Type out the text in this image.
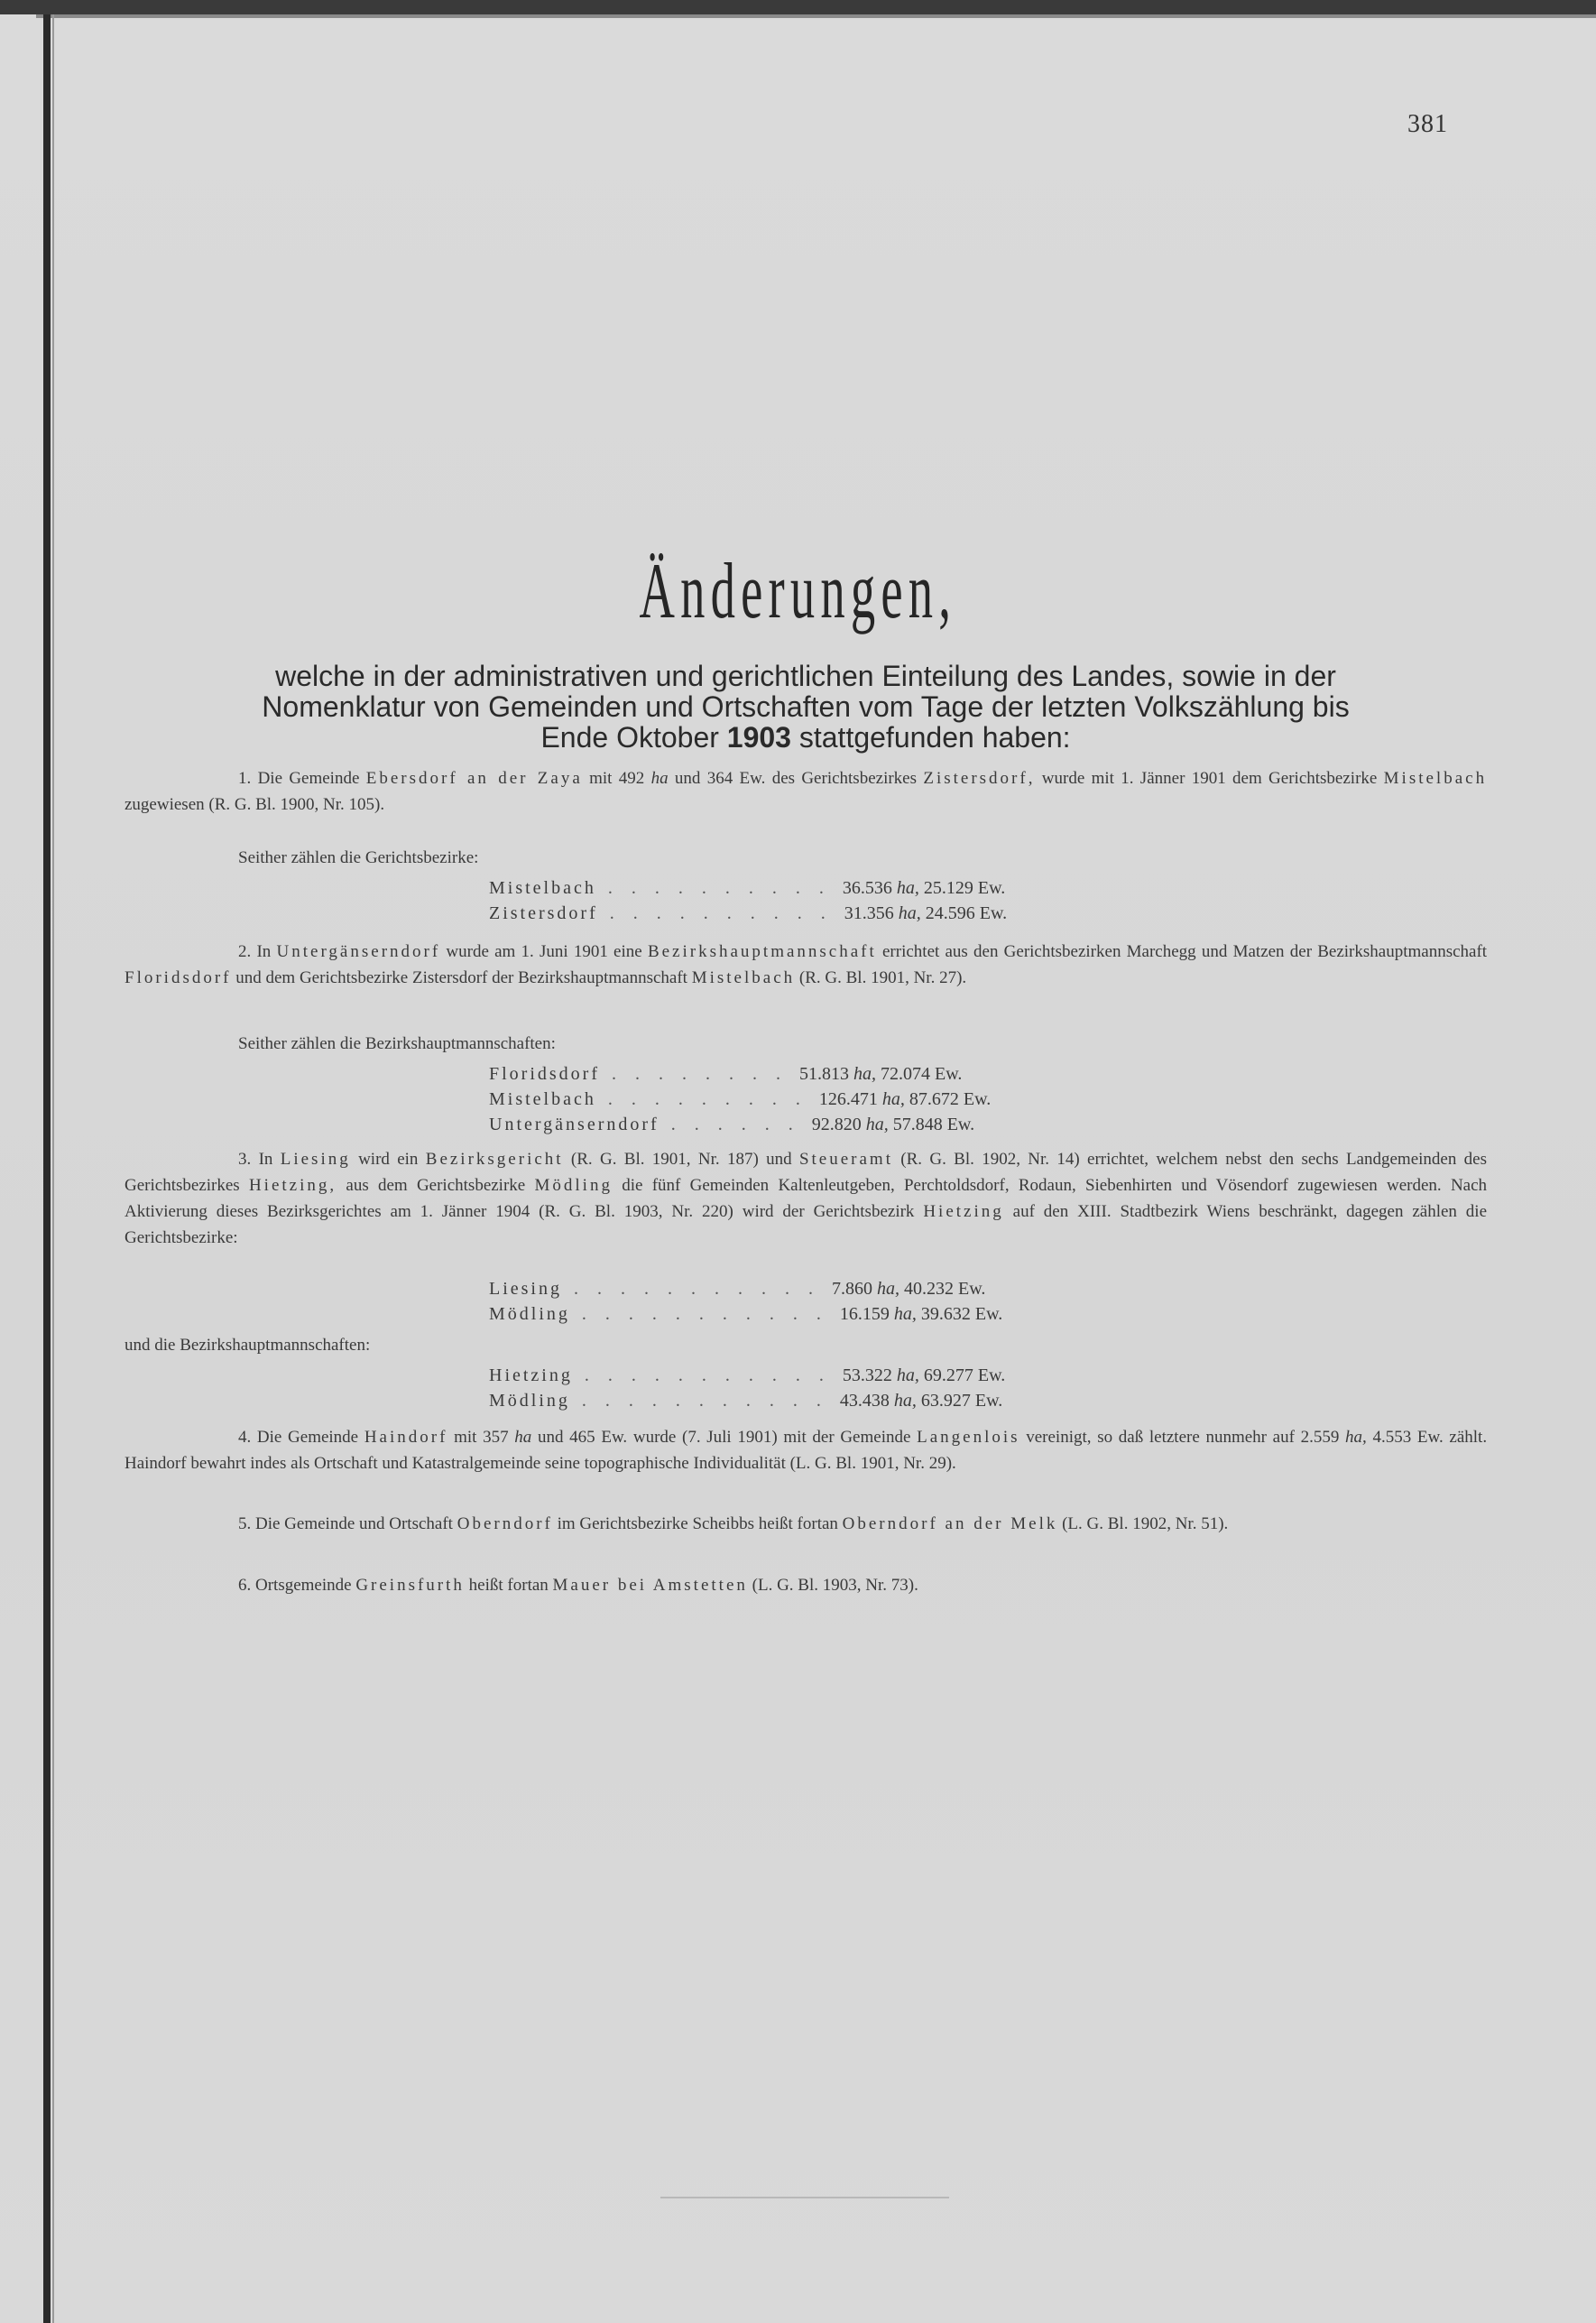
381
Änderungen,
welche in der administrativen und gerichtlichen Einteilung des Landes, sowie in der
Nomenklatur von Gemeinden und Ortschaften vom Tage der letzten Volkszählung bis
Ende Oktober 1903 stattgefunden haben:

1. Die Gemeinde Ebersdorf an der Zaya mit 492 ha und 364 Ew. des Gerichtsbezirkes Zistersdorf, wurde mit 1. Jänner 1901 dem Gerichtsbezirke Mistelbach zugewiesen (R. G. Bl. 1900, Nr. 105).

Seither zählen die Gerichtsbezirke:

Mistelbach . . . . . . . . . . 36.536 ha, 25.129 Ew.
Zistersdorf . . . . . . . . . . 31.356 ha, 24.596 Ew.

2. In Untergänserndorf wurde am 1. Juni 1901 eine Bezirkshauptmannschaft errichtet aus den Gerichtsbezirken Marchegg und Matzen der Bezirkshauptmannschaft Floridsdorf und dem Gerichtsbezirke Zistersdorf der Bezirkshauptmannschaft Mistelbach (R. G. Bl. 1901, Nr. 27).

Seither zählen die Bezirkshauptmannschaften:

Floridsdorf . . . . . . . . 51.813 ha, 72.074 Ew.
Mistelbach . . . . . . . . . 126.471 ha, 87.672 Ew.
Untergänserndorf . . . . . . 92.820 ha, 57.848 Ew.

3. In Liesing wird ein Bezirksgericht (R. G. Bl. 1901, Nr. 187) und Steueramt (R. G. Bl. 1902, Nr. 14) errichtet, welchem nebst den sechs Landgemeinden des Gerichtsbezirkes Hietzing, aus dem Gerichtsbezirke Mödling die fünf Gemeinden Kaltenleutgeben, Perchtoldsdorf, Rodaun, Siebenhirten und Vösendorf zugewiesen werden. Nach Aktivierung dieses Bezirksgerichtes am 1. Jänner 1904 (R. G. Bl. 1903, Nr. 220) wird der Gerichtsbezirk Hietzing auf den XIII. Stadtbezirk Wiens beschränkt, dagegen zählen die Gerichtsbezirke:

Liesing . . . . . . . . . . . 7.860 ha, 40.232 Ew.
Mödling . . . . . . . . . . . 16.159 ha, 39.632 Ew.

und die Bezirkshauptmannschaften:

Hietzing . . . . . . . . . . . 53.322 ha, 69.277 Ew.
Mödling . . . . . . . . . . . 43.438 ha, 63.927 Ew.

4. Die Gemeinde Haindorf mit 357 ha und 465 Ew. wurde (7. Juli 1901) mit der Gemeinde Langenlois vereinigt, so daß letztere nunmehr auf 2.559 ha, 4.553 Ew. zählt. Haindorf bewahrt indes als Ortschaft und Katastralgemeinde seine topographische Individualität (L. G. Bl. 1901, Nr. 29).

5. Die Gemeinde und Ortschaft Oberndorf im Gerichtsbezirke Scheibbs heißt fortan Oberndorf an der Melk (L. G. Bl. 1902, Nr. 51).

6. Ortsgemeinde Greinsfurth heißt fortan Mauer bei Amstetten (L. G. Bl. 1903, Nr. 73).
